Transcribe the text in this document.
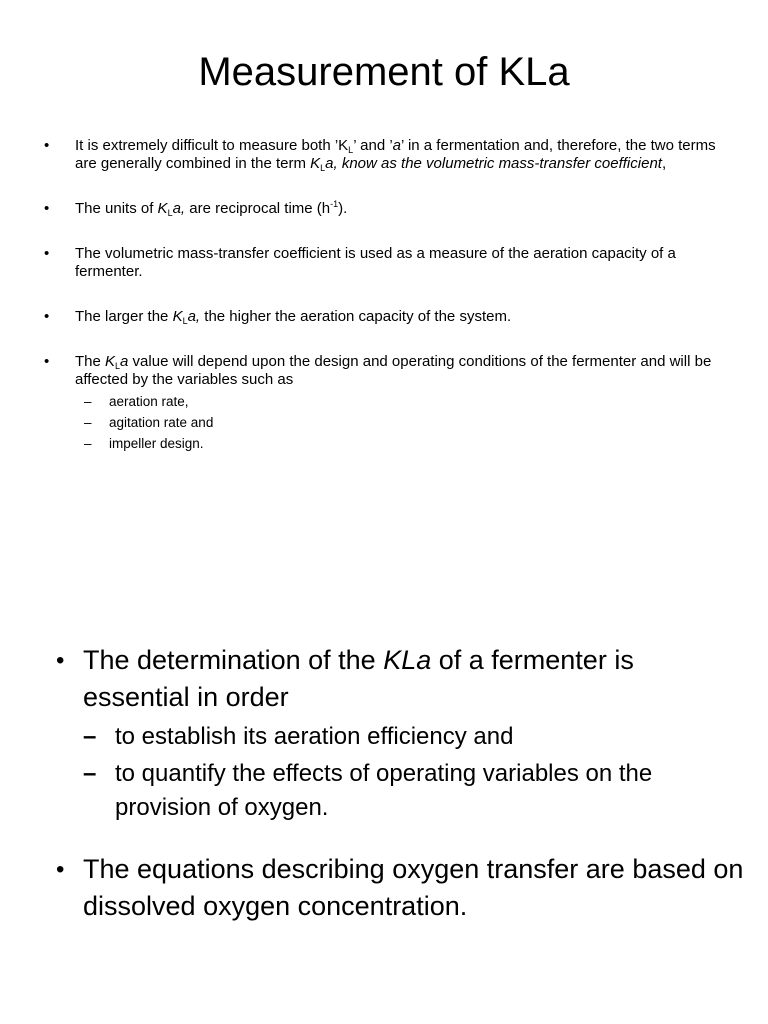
Measurement of KLa
• It is extremely difficult to measure both $’K_L$’ and ’a’ in a fermentation and, therefore, the two terms are generally combined in the term $K_La$, know as the volumetric mass-transfer coefficient,
• The units of $K_La$, are reciprocal time $(h^{-1})$.
• The volumetric mass-transfer coefficient is used as a measure of the aeration capacity of a fermenter.
• The larger the $K_La$, the higher the aeration capacity of the system.
• The $K_La$ value will depend upon the design and operating conditions of the fermenter and will be affected by the variables such as
– aeration rate,
– agitation rate and
– impeller design.
• The determination of the KLa of a fermenter is essential in order
– to establish its aeration efficiency and
– to quantify the effects of operating variables on the provision of oxygen.
• The equations describing oxygen transfer are based on dissolved oxygen concentration.
